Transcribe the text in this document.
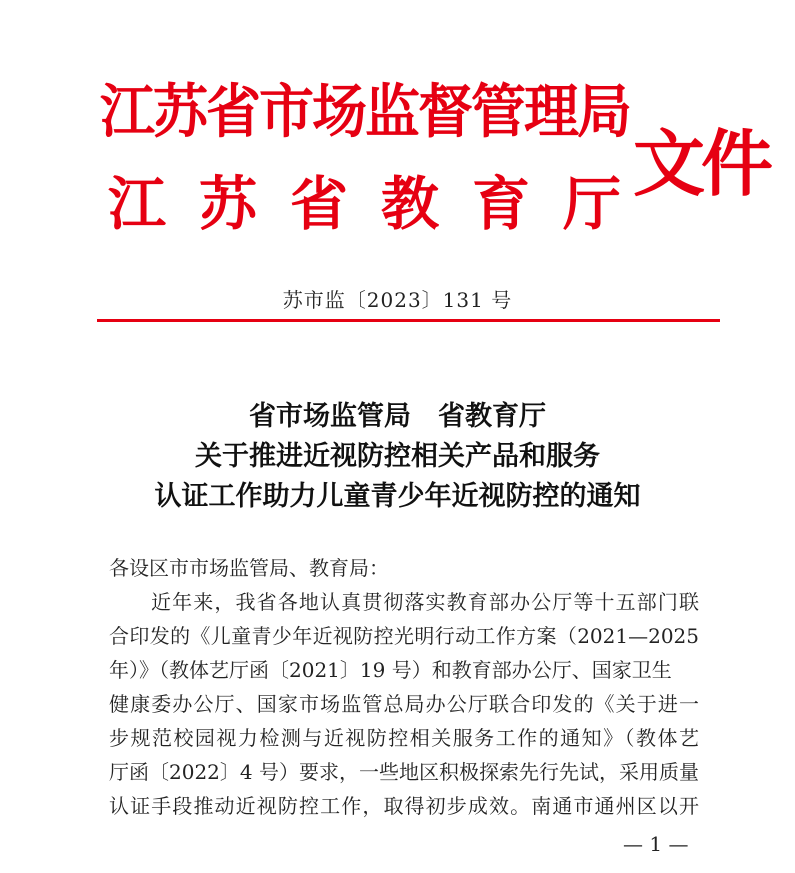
江苏省市场监督管理局
江苏省教育厅
文件
苏市监〔2023〕131 号
省市场监管局　省教育厅
关于推进近视防控相关产品和服务
认证工作助力儿童青少年近视防控的通知
各设区市市场监管局、教育局：
近年来，我省各地认真贯彻落实教育部办公厅等十五部门联
合印发的《儿童青少年近视防控光明行动工作方案（2021—2025
年）》（教体艺厅函〔2021〕19 号）和教育部办公厅、国家卫生
健康委办公厅、国家市场监管总局办公厅联合印发的《关于进一
步规范校园视力检测与近视防控相关服务工作的通知》（教体艺
厅函〔2022〕4 号）要求，一些地区积极探索先行先试，采用质量
认证手段推动近视防控工作，取得初步成效。南通市通州区以开
— 1 —
